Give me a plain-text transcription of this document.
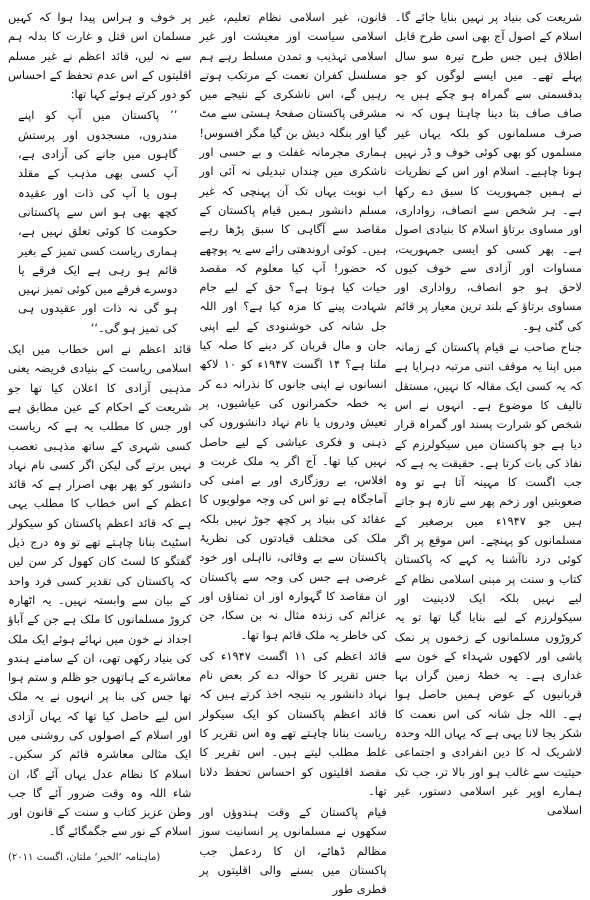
شریعت کی بنیاد پر نہیں بنایا جائے گا۔ اسلام کے اصول آج بھی اسی طرح قابل اطلاق ہیں جس طرح تیرہ سو سال پہلے تھے۔ میں ایسے لوگوں کو جو بدقسمتی سے گمراہ ہو چکے ہیں یہ صاف صاف بتا دینا چاہتا ہوں کہ نہ صرف مسلمانوں کو بلکہ یہاں غیر مسلموں کو بھی کوئی خوف و ڈر نہیں ہونا چاہیے۔ اسلام اور اس کے نظریات نے ہمیں جمہوریت کا سبق دے رکھا ہے۔ ہر شخص سے انصاف، رواداری، اور مساوی برتاؤ اسلام کا بنیادی اصول ہے۔ پھر کسی کو ایسی جمہوریت، مساوات اور آزادی سے خوف کیوں لاحق ہو جو انصاف، رواداری اور مساوی برتاؤ کے بلند ترین معیار پر قائم کی گئی ہو۔

جناح صاحب نے قیام پاکستان کے زمانہ میں اپنا یہ موقف اتنی مرتبہ دہرایا ہے کہ یہ کسی ایک مقالہ کا نہیں، مستقل تالیف کا موضوع ہے۔ انہوں نے اس شخص کو شرارت پسند اور گمراہ قرار دیا ہے جو پاکستان میں سیکولرزم کے نفاذ کی بات کرتا ہے۔ حقیقت یہ ہے کہ جب اگست کا مہینہ آتا ہے تو وہ صعوبتیں اور زخم پھر سے تازہ ہو جاتے ہیں جو ۱۹۴۷ء میں برصغیر کے مسلمانوں کو پہنچے۔ اس موقع پر اگر کوئی درد ناآشنا یہ کہے کہ پاکستان کتاب و سنت پر مبنی اسلامی نظام کے لیے نہیں بلکہ ایک لادینیت اور سیکولرزم کے لیے بنایا گیا تھا تو یہ کروڑوں مسلمانوں کے زخموں پر نمک پاشی اور لاکھوں شہداء کے خون سے غداری ہے۔ یہ خطۂ زمین گراں بہا قربانیوں کے عوض ہمیں حاصل ہوا ہے۔ اللہ جل شانہ کی اس نعمت کا شکر بجا لانا یہی ہے کہ یہاں اللہ وحدہ لاشریک لہ کا دین انفرادی و اجتماعی حیثیت سے غالب ہو اور بالا تر، جب تک ہمارے اوپر غیر اسلامی دستور، غیر اسلامی

قانون، غیر اسلامی نظام تعلیم، غیر اسلامی سیاست اور معیشت اور غیر اسلامی تہذیب و تمدن مسلط رہے ہم مسلسل کفران نعمت کے مرتکب ہوتے رہیں گے، اس ناشکری کے نتیجے میں مشرقی پاکستان صفحۂ ہستی سے مٹ گیا اور بنگلہ دیش بن گیا مگر افسوس! ہماری مجرمانہ غفلت و بے حسی اور ناشکری میں چنداں تبدیلی نہ آئی اور اب نوبت یہاں تک آن پہنچی کہ غیر مسلم دانشور ہمیں قیام پاکستان کے مقاصد سے آگاہی کا سبق پڑھا رہے ہیں۔ کوئی اروندھتی رائے سے یہ پوچھے کہ حضور! آپ کیا معلوم کہ مقصد حیات کیا ہوتا ہے؟ حق کے لیے جام شہادت پینے کا مزہ کیا ہے؟ اور اللہ جل شانہ کی خوشنودی کے لیے اپنی جان و مال قربان کر دینے کا صلہ کیا ملتا ہے؟ ۱۴ اگست ۱۹۴۷ء کو ۱۰ لاکھ انسانوں نے اپنی جانوں کا نذرانہ دے کر یہ خطہ حکمرانوں کی عیاشیوں، پر تعیش ودروں یا نام نہاد دانشوروں کی ذہنی و فکری عیاشی کے لیے حاصل نہیں کیا تھا۔ آج اگر یہ ملک غربت و افلاس، بے روزگاری اور بے امنی کی آماجگاہ ہے تو اس کی وجہ مولویوں کا عقائد کی بنیاد پر کچھ جوڑ نہیں بلکہ ملک کی مختلف قیادتوں کی نظریۂ پاکستان سے بے وفائی، نااہلی اور خود غرضی ہے جس کی وجہ سے پاکستان ان مقاصد کا گہوارہ اور ان تمناؤں اور عزائم کی زندہ مثال نہ بن سکا، جن کی خاطر یہ ملک قائم ہوا تھا۔

قائد اعظم کی ۱۱ اگست ۱۹۴۷ء کی جس تقریر کا حوالہ دے کر بعض نام نہاد دانشور یہ نتیجہ اخذ کرتے ہیں کہ قائد اعظم پاکستان کو ایک سیکولر ریاست بنانا چاہتے تھے وہ اس تقریر کا غلط مطلب لیتے ہیں۔ اس تقریر کا مقصد اقلیتوں کو احساس تحفظ دلانا تھا۔

قیام پاکستان کے وقت ہندوؤں اور سکھوں نے مسلمانوں پر انسانیت سوز مظالم ڈھائے، ان کا ردعمل جب پاکستان میں بسنے والی اقلیتوں پر فطری طور

پر خوف و ہراس پیدا ہوا کہ کہیں مسلمان اس قتل و غارت کا بدلہ ہم سے نہ لیں، قائد اعظم نے غیر مسلم اقلیتوں کے اس عدم تحفظ کے احساس کو دور کرتے ہوئے کہا تھا:

’’ پاکستان میں آپ کو اپنے مندروں، مسجدوں اور پرستش گاہوں میں جانے کی آزادی ہے، آپ کسی بھی مذہب کے مقلد ہوں یا آپ کی ذات اور عقیدہ کچھ بھی ہو اس سے پاکستانی حکومت کا کوئی تعلق نہیں ہے، ہماری ریاست کسی تمیز کے بغیر قائم ہو رہی ہے ایک فرقے یا دوسرے فرقے میں کوئی تمیز نہیں ہو گی نہ ذات اور عقیدوں ہی کی تمیز ہو گی۔‘‘

قائد اعظم نے اس خطاب میں ایک اسلامی ریاست کے بنیادی فریضہ یعنی مذہبی آزادی کا اعلان کیا تھا جو شریعت کے احکام کے عین مطابق ہے اور جس کا مطلب یہ ہے کہ ریاست کسی شہری کے ساتھ مذہبی تعصب نہیں برتے گی لیکن اگر کسی نام نہاد دانشور کو پھر بھی اصرار ہے کہ قائد اعظم کے اس خطاب کا مطلب یہی ہے کہ قائد اعظم پاکستان کو سیکولر اسٹیٹ بنانا چاہتے تھے تو وہ درج ذیل گفتگو کا لسٹ کان کھول کر سن لیں کہ پاکستان کی تقدیر کسی فرد واحد کے بیان سے وابستہ نہیں۔ یہ اٹھارہ کروڑ مسلمانوں کا ملک ہے جن کے آباؤ اجداد نے خون میں نہائے ہوئے ایک ملک کی بنیاد رکھی تھی، ان کے سامنے ہندو معاشرے کے ہاتھوں جو ظلم و ستم ہوا تھا جس کی بنا پر انہوں نے یہ ملک اس لیے حاصل کیا تھا کہ یہاں آزادی اور اسلام کے اصولوں کی روشنی میں ایک مثالی معاشرہ قائم کر سکیں۔ اسلام کا نظام عدل یہاں آئے گا، ان شاء اللہ وہ وقت ضرور آئے گا جب وطن عزیز کتاب و سنت کے قانون اور اسلام کے نور سے جگمگائے گا۔

(ماہنامہ ’الخیر‘ ملتان، اگست ۲۰۱۱)
